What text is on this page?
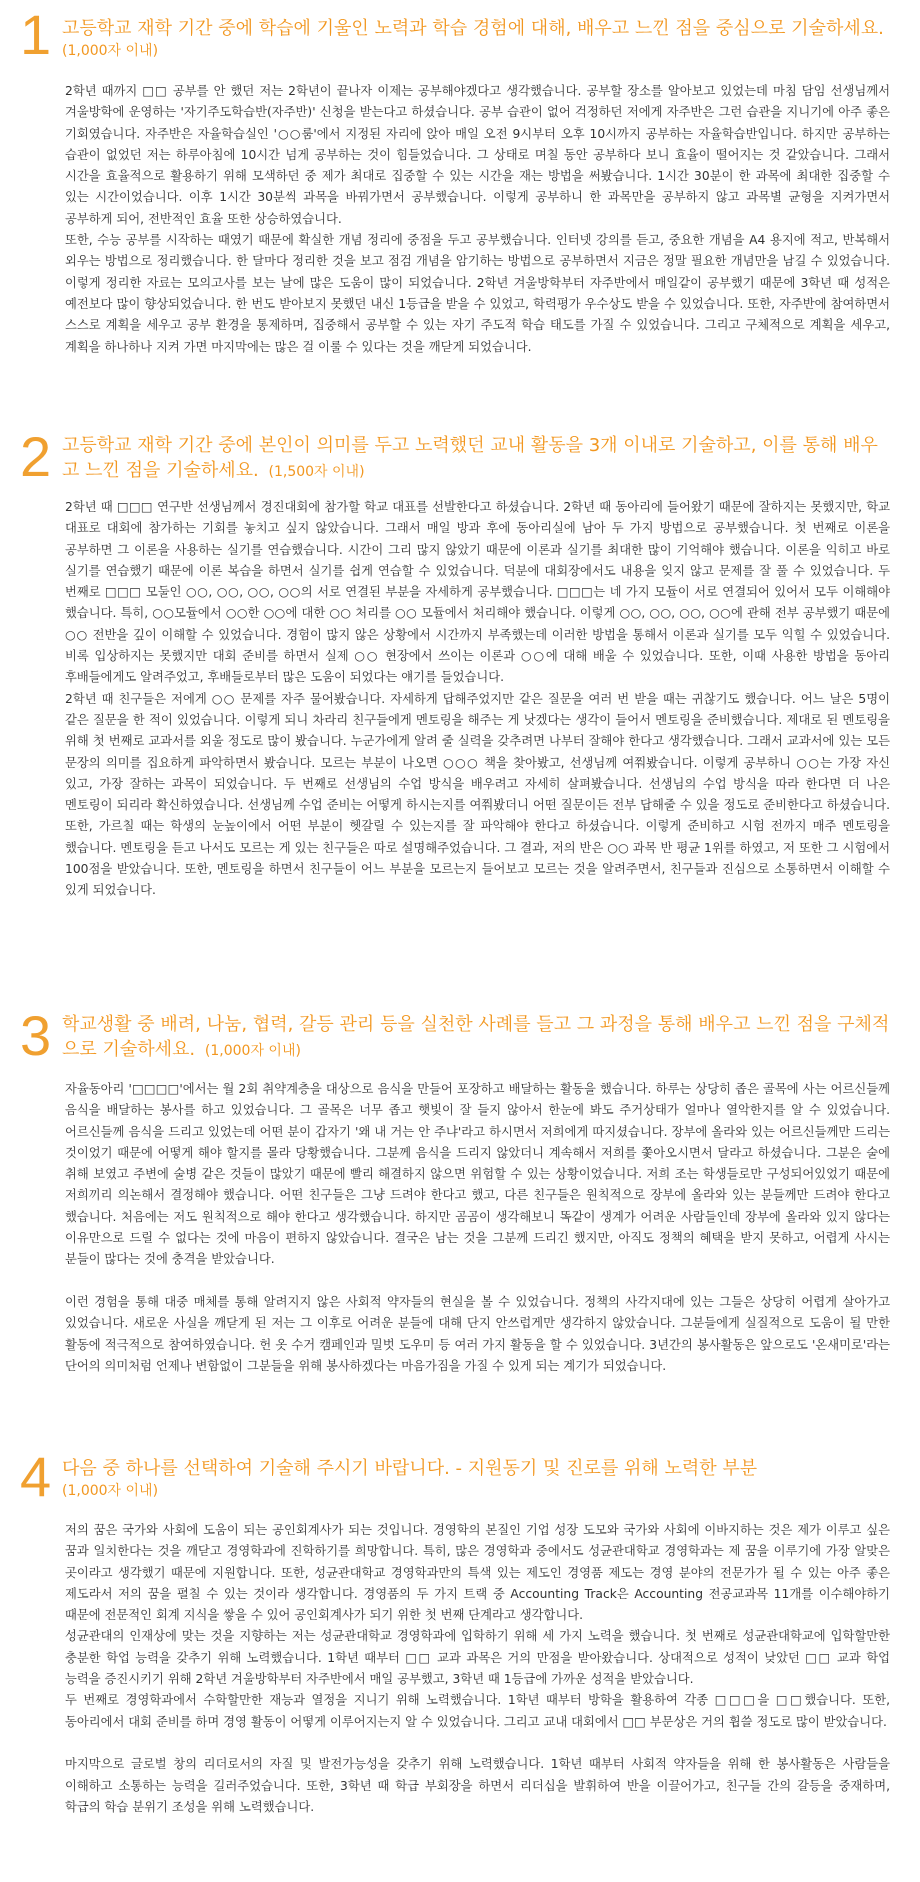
1 고등학교 재학 기간 중에 학습에 기울인 노력과 학습 경험에 대해, 배우고 느낀 점을 중심으로 기술하세요.
(1,000자 이내)

2학년 때까지 □□ 공부를 안 했던 저는 2학년이 끝나자 이제는 공부해야겠다고 생각했습니다. 공부할 장소를 알아보고 있었는데 마침 담임 선생님께서 겨울방학에 운영하는 '자기주도학습반(자주반)' 신청을 받는다고 하셨습니다. 공부 습관이 없어 걱정하던 저에게 자주반은 그런 습관을 지니기에 아주 좋은 기회였습니다. 자주반은 자율학습실인 '○○룸'에서 지정된 자리에 앉아 매일 오전 9시부터 오후 10시까지 공부하는 자율학습반입니다. 하지만 공부하는 습관이 없었던 저는 하루아침에 10시간 넘게 공부하는 것이 힘들었습니다. 그 상태로 며칠 동안 공부하다 보니 효율이 떨어지는 것 같았습니다. 그래서 시간을 효율적으로 활용하기 위해 모색하던 중 제가 최대로 집중할 수 있는 시간을 재는 방법을 써봤습니다. 1시간 30분이 한 과목에 최대한 집중할 수 있는 시간이었습니다. 이후 1시간 30분씩 과목을 바꿔가면서 공부했습니다. 이렇게 공부하니 한 과목만을 공부하지 않고 과목별 균형을 지켜가면서 공부하게 되어, 전반적인 효율 또한 상승하였습니다.

또한, 수능 공부를 시작하는 때였기 때문에 확실한 개념 정리에 중점을 두고 공부했습니다. 인터넷 강의를 듣고, 중요한 개념을 A4 용지에 적고, 반복해서 외우는 방법으로 정리했습니다. 한 달마다 정리한 것을 보고 점검 개념을 암기하는 방법으로 공부하면서 지금은 정말 필요한 개념만을 남길 수 있었습니다. 이렇게 정리한 자료는 모의고사를 보는 날에 많은 도움이 많이 되었습니다. 2학년 겨울방학부터 자주반에서 매일같이 공부했기 때문에 3학년 때 성적은 예전보다 많이 향상되었습니다. 한 번도 받아보지 못했던 내신 1등급을 받을 수 있었고, 학력평가 우수상도 받을 수 있었습니다. 또한, 자주반에 참여하면서 스스로 계획을 세우고 공부 환경을 통제하며, 집중해서 공부할 수 있는 자기 주도적 학습 태도를 가질 수 있었습니다. 그리고 구체적으로 계획을 세우고, 계획을 하나하나 지켜 가면 마지막에는 많은 걸 이룰 수 있다는 것을 깨닫게 되었습니다.

2 고등학교 재학 기간 중에 본인이 의미를 두고 노력했던 교내 활동을 3개 이내로 기술하고, 이를 통해 배우고 느낀 점을 기술하세요. (1,500자 이내)

2학년 때 □□□ 연구반 선생님께서 경진대회에 참가할 학교 대표를 선발한다고 하셨습니다. 2학년 때 동아리에 들어왔기 때문에 잘하지는 못했지만, 학교 대표로 대회에 참가하는 기회를 놓치고 싶지 않았습니다. 그래서 매일 방과 후에 동아리실에 남아 두 가지 방법으로 공부했습니다. 첫 번째로 이론을 공부하면 그 이론을 사용하는 실기를 연습했습니다. 시간이 그리 많지 않았기 때문에 이론과 실기를 최대한 많이 기억해야 했습니다. 이론을 익히고 바로 실기를 연습했기 때문에 이론 복습을 하면서 실기를 쉽게 연습할 수 있었습니다. 덕분에 대회장에서도 내용을 잊지 않고 문제를 잘 풀 수 있었습니다. 두 번째로 □□□ 모둘인 ○○, ○○, ○○, ○○의 서로 연결된 부분을 자세하게 공부했습니다. □□□는 네 가지 모듈이 서로 연결되어 있어서 모두 이해해야 했습니다. 특히, ○○모듈에서 ○○한 ○○에 대한 ○○ 처리를 ○○ 모듈에서 처리해야 했습니다. 이렇게 ○○, ○○, ○○, ○○에 관해 전부 공부했기 때문에 ○○ 전반을 깊이 이해할 수 있었습니다. 경험이 많지 않은 상황에서 시간까지 부족했는데 이러한 방법을 통해서 이론과 실기를 모두 익힐 수 있었습니다. 비록 입상하지는 못했지만 대회 준비를 하면서 실제 ○○ 현장에서 쓰이는 이론과 ○○에 대해 배울 수 있었습니다. 또한, 이때 사용한 방법을 동아리 후배들에게도 알려주었고, 후배들로부터 많은 도움이 되었다는 얘기를 들었습니다.

2학년 때 친구들은 저에게 ○○ 문제를 자주 물어봤습니다. 자세하게 답해주었지만 같은 질문을 여러 번 받을 때는 귀찮기도 했습니다. 어느 날은 5명이 같은 질문을 한 적이 있었습니다. 이렇게 되니 차라리 친구들에게 멘토링을 해주는 게 낫겠다는 생각이 들어서 멘토링을 준비했습니다. 제대로 된 멘토링을 위해 첫 번째로 교과서를 외울 정도로 많이 봤습니다. 누군가에게 알려 줄 실력을 갖추려면 나부터 잘해야 한다고 생각했습니다. 그래서 교과서에 있는 모든 문장의 의미를 집요하게 파악하면서 봤습니다. 모르는 부분이 나오면 ○○○ 책을 찾아봤고, 선생님께 여쭤봤습니다. 이렇게 공부하니 ○○는 가장 자신 있고, 가장 잘하는 과목이 되었습니다. 두 번째로 선생님의 수업 방식을 배우려고 자세히 살펴봤습니다. 선생님의 수업 방식을 따라 한다면 더 나은 멘토링이 되리라 확신하였습니다. 선생님께 수업 준비는 어떻게 하시는지를 여쭤봤더니 어떤 질문이든 전부 답해줄 수 있을 정도로 준비한다고 하셨습니다. 또한, 가르칠 때는 학생의 눈높이에서 어떤 부분이 헷갈릴 수 있는지를 잘 파악해야 한다고 하셨습니다. 이렇게 준비하고 시험 전까지 매주 멘토링을 했습니다. 멘토링을 듣고 나서도 모르는 게 있는 친구들은 따로 설명해주었습니다. 그 결과, 저의 반은 ○○ 과목 반 평균 1위를 하였고, 저 또한 그 시험에서 100점을 받았습니다. 또한, 멘토링을 하면서 친구들이 어느 부분을 모르는지 들어보고 모르는 것을 알려주면서, 친구들과 진심으로 소통하면서 이해할 수 있게 되었습니다.

3 학교생활 중 배려, 나눔, 협력, 갈등 관리 등을 실천한 사례를 들고 그 과정을 통해 배우고 느낀 점을 구체적으로 기술하세요. (1,000자 이내)

자율동아리 '□□□□'에서는 월 2회 취약계층을 대상으로 음식을 만들어 포장하고 배달하는 활동을 했습니다. 하루는 상당히 좁은 골목에 사는 어르신들께 음식을 배달하는 봉사를 하고 있었습니다. 그 골목은 너무 좁고 햇빛이 잘 들지 않아서 한눈에 봐도 주거상태가 얼마나 열악한지를 알 수 있었습니다. 어르신들께 음식을 드리고 있었는데 어떤 분이 갑자기 '왜 내 거는 안 주냐'라고 하시면서 저희에게 따지셨습니다. 장부에 올라와 있는 어르신들께만 드리는 것이었기 때문에 어떻게 해야 할지를 몰라 당황했습니다. 그분께 음식을 드리지 않았더니 계속해서 저희를 쫓아오시면서 달라고 하셨습니다. 그분은 술에 취해 보였고 주변에 술병 같은 것들이 많았기 때문에 빨리 해결하지 않으면 위험할 수 있는 상황이었습니다. 저희 조는 학생들로만 구성되어있었기 때문에 저희끼리 의논해서 결정해야 했습니다. 어떤 친구들은 그냥 드려야 한다고 했고, 다른 친구들은 원칙적으로 장부에 올라와 있는 분들께만 드려야 한다고 했습니다. 처음에는 저도 원칙적으로 해야 한다고 생각했습니다. 하지만 곰곰이 생각해보니 똑같이 생계가 어려운 사람들인데 장부에 올라와 있지 않다는 이유만으로 드릴 수 없다는 것에 마음이 편하지 않았습니다. 결국은 남는 것을 그분께 드리긴 했지만, 아직도 정책의 혜택을 받지 못하고, 어렵게 사시는 분들이 많다는 것에 충격을 받았습니다.

이런 경험을 통해 대중 매체를 통해 알려지지 않은 사회적 약자들의 현실을 볼 수 있었습니다. 정책의 사각지대에 있는 그들은 상당히 어렵게 살아가고 있었습니다. 새로운 사실을 깨닫게 된 저는 그 이후로 어려운 분들에 대해 단지 안쓰럽게만 생각하지 않았습니다. 그분들에게 실질적으로 도움이 될 만한 활동에 적극적으로 참여하였습니다. 헌 옷 수거 캠페인과 밀벗 도우미 등 여러 가지 활동을 할 수 있었습니다. 3년간의 봉사활동은 앞으로도 '온새미로'라는 단어의 의미처럼 언제나 변함없이 그분들을 위해 봉사하겠다는 마음가짐을 가질 수 있게 되는 계기가 되었습니다.

4 다음 중 하나를 선택하여 기술해 주시기 바랍니다. - 지원동기 및 진로를 위해 노력한 부분
(1,000자 이내)

저의 꿈은 국가와 사회에 도움이 되는 공인회계사가 되는 것입니다. 경영학의 본질인 기업 성장 도모와 국가와 사회에 이바지하는 것은 제가 이루고 싶은 꿈과 일치한다는 것을 깨닫고 경영학과에 진학하기를 희망합니다. 특히, 많은 경영학과 중에서도 성균관대학교 경영학과는 제 꿈을 이루기에 가장 알맞은 곳이라고 생각했기 때문에 지원합니다. 또한, 성균관대학교 경영학과만의 특색 있는 제도인 경영품 제도는 경영 분야의 전문가가 될 수 있는 아주 좋은 제도라서 저의 꿈을 펼칠 수 있는 것이라 생각합니다. 경영품의 두 가지 트랙 중 Accounting Track은 Accounting 전공교과목 11개를 이수해야하기 때문에 전문적인 회계 지식을 쌓을 수 있어 공인회계사가 되기 위한 첫 번째 단계라고 생각합니다.

성균관대의 인재상에 맞는 것을 지향하는 저는 성균관대학교 경영학과에 입학하기 위해 세 가지 노력을 했습니다. 첫 번째로 성균관대학교에 입학할만한 충분한 학업 능력을 갖추기 위해 노력했습니다. 1학년 때부터 □□ 교과 과목은 거의 만점을 받아왔습니다. 상대적으로 성적이 낮았던 □□ 교과 학업 능력을 증진시키기 위해 2학년 겨울방학부터 자주반에서 매일 공부했고, 3학년 때 1등급에 가까운 성적을 받았습니다.

두 번째로 경영학과에서 수학할만한 재능과 열정을 지니기 위해 노력했습니다. 1학년 때부터 방학을 활용하여 각종 □□□을 □□했습니다. 또한, 동아리에서 대회 준비를 하며 경영 활동이 어떻게 이루어지는지 알 수 있었습니다. 그리고 교내 대회에서 □□ 부문상은 거의 휩쓸 정도로 많이 받았습니다.

마지막으로 글로벌 창의 리더로서의 자질 및 발전가능성을 갖추기 위해 노력했습니다. 1학년 때부터 사회적 약자들을 위해 한 봉사활동은 사람들을 이해하고 소통하는 능력을 길러주었습니다. 또한, 3학년 때 학급 부회장을 하면서 리더십을 발휘하여 반을 이끌어가고, 친구들 간의 갈등을 중재하며, 학급의 학습 분위기 조성을 위해 노력했습니다.
